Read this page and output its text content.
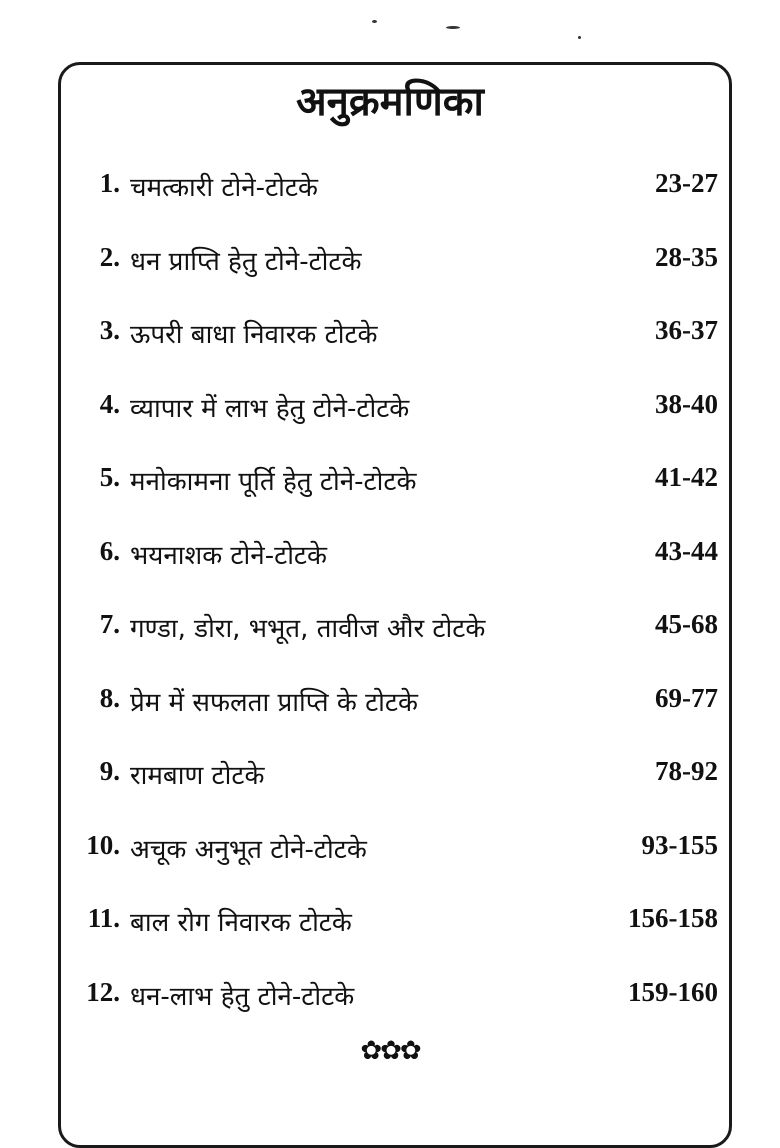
अनुक्रमणिका
1. चमत्कारी टोने-टोटके	23-27
2. धन प्राप्ति हेतु टोने-टोटके	28-35
3. ऊपरी बाधा निवारक टोटके	36-37
4. व्यापार में लाभ हेतु टोने-टोटके	38-40
5. मनोकामना पूर्ति हेतु टोने-टोटके	41-42
6. भयनाशक टोने-टोटके	43-44
7. गण्डा, डोरा, भभूत, तावीज और टोटके	45-68
8. प्रेम में सफलता प्राप्ति के टोटके	69-77
9. रामबाण टोटके	78-92
10. अचूक अनुभूत टोने-टोटके	93-155
11. बाल रोग निवारक टोटके	156-158
12. धन-लाभ हेतु टोने-टोटके	159-160
✿✿✿
